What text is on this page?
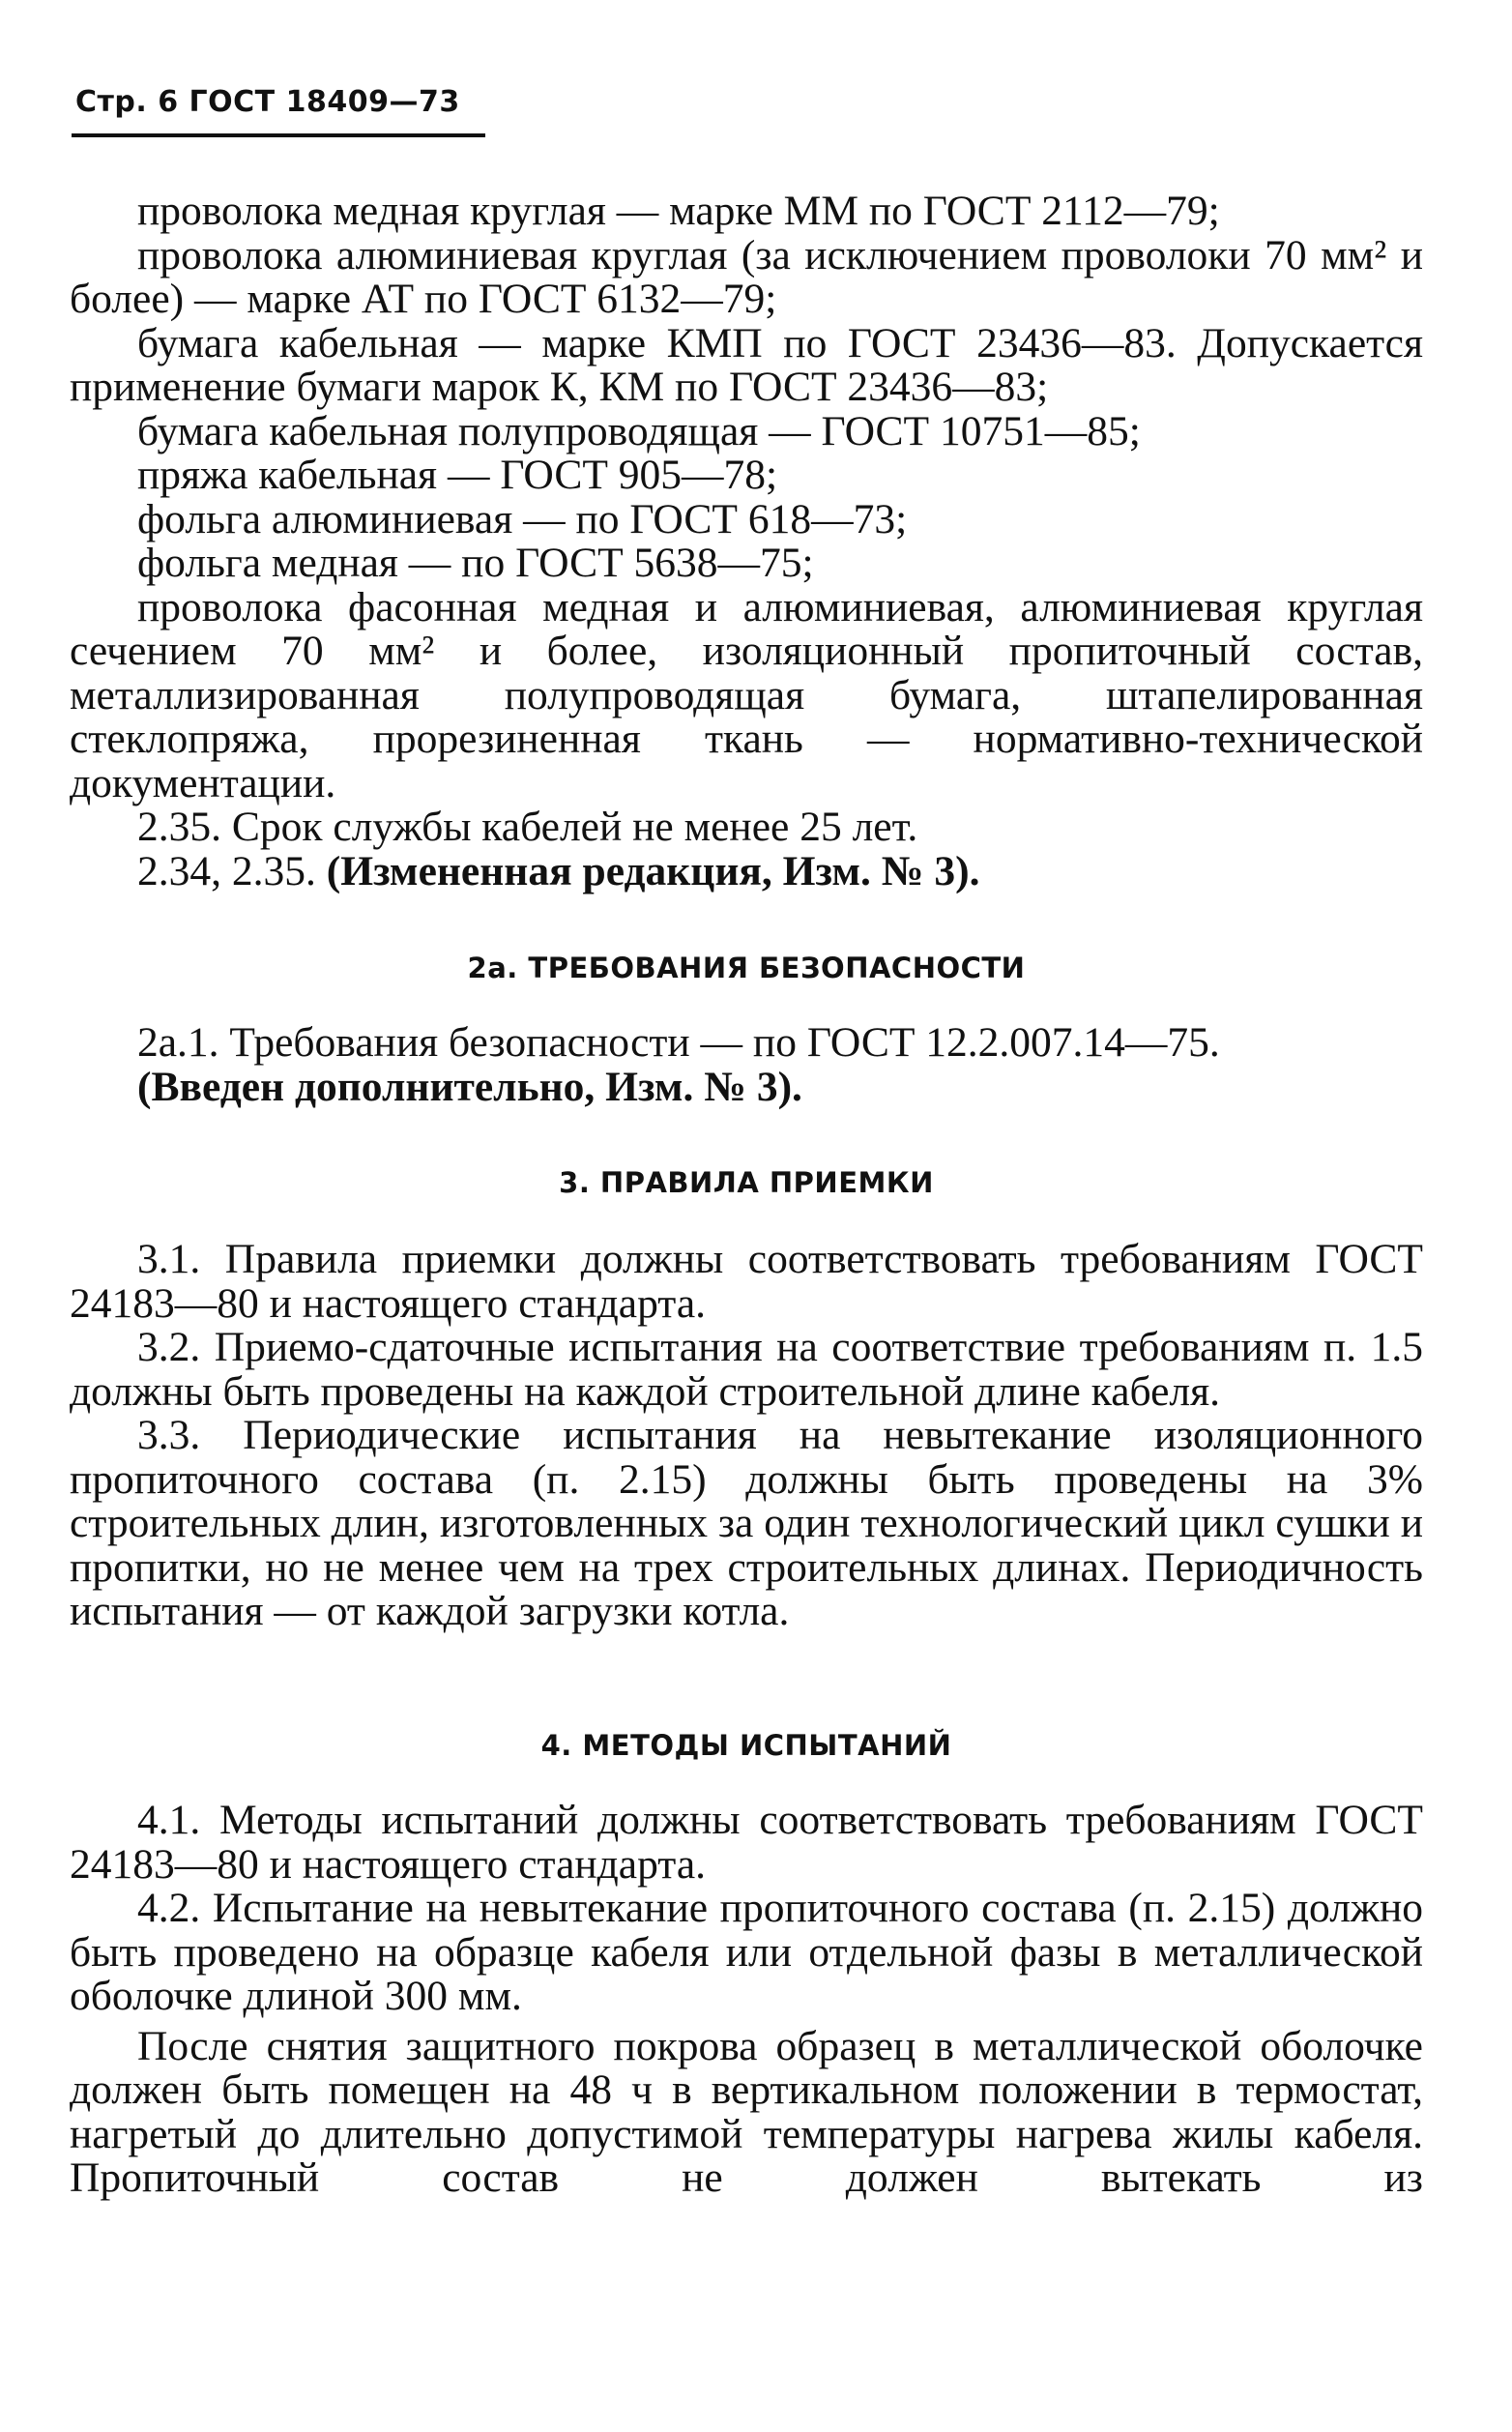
Стр. 6 ГОСТ 18409—73

проволока медная круглая — марке ММ по ГОСТ 2112—79;

проволока алюминиевая круглая (за исключением проволоки 70 мм² и более) — марке АТ по ГОСТ 6132—79;

бумага кабельная — марке КМП по ГОСТ 23436—83. Допускается применение бумаги марок К, КМ по ГОСТ 23436—83;

бумага кабельная полупроводящая — ГОСТ 10751—85;

пряжа кабельная — ГОСТ 905—78;

фольга алюминиевая — по ГОСТ 618—73;

фольга медная — по ГОСТ 5638—75;

проволока фасонная медная и алюминиевая, алюминиевая круглая сечением 70 мм² и более, изоляционный пропиточный состав, металлизированная полупроводящая бумага, штапелированная стеклопряжа, прорезиненная ткань — нормативно-технической документации.

2.35. Срок службы кабелей не менее 25 лет.

2.34, 2.35. (Измененная редакция, Изм. № 3).

2а. ТРЕБОВАНИЯ БЕЗОПАСНОСТИ

2а.1. Требования безопасности — по ГОСТ 12.2.007.14—75.

(Введен дополнительно, Изм. № 3).

3. ПРАВИЛА ПРИЕМКИ

3.1. Правила приемки должны соответствовать требованиям ГОСТ 24183—80 и настоящего стандарта.

3.2. Приемо-сдаточные испытания на соответствие требованиям п. 1.5 должны быть проведены на каждой строительной длине кабеля.

3.3. Периодические испытания на невытекание изоляционного пропиточного состава (п. 2.15) должны быть проведены на 3% строительных длин, изготовленных за один технологический цикл сушки и пропитки, но не менее чем на трех строительных длинах. Периодичность испытания — от каждой загрузки котла.

4. МЕТОДЫ ИСПЫТАНИЙ

4.1. Методы испытаний должны соответствовать требованиям ГОСТ 24183—80 и настоящего стандарта.

4.2. Испытание на невытекание пропиточного состава (п. 2.15) должно быть проведено на образце кабеля или отдельной фазы в металлической оболочке длиной 300 мм.

После снятия защитного покрова образец в металлической оболочке должен быть помещен на 48 ч в вертикальном положении в термостат, нагретый до длительно допустимой температуры нагрева жилы кабеля. Пропиточный состав не должен вытекать из
